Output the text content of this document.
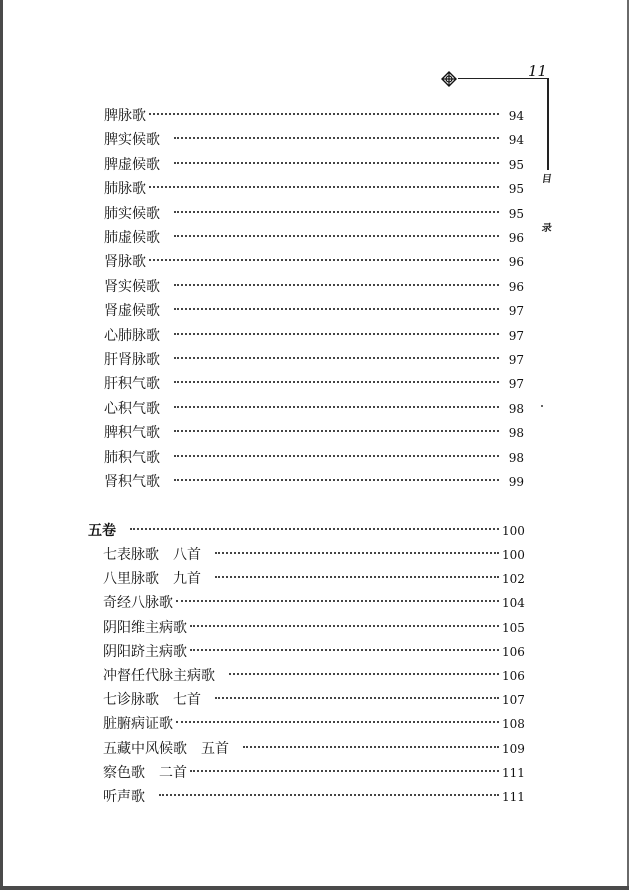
11
目
录
脾脉歌	94
脾实候歌	94
脾虚候歌	95
肺脉歌	95
肺实候歌	95
肺虚候歌	96
肾脉歌	96
肾实候歌	96
肾虚候歌	97
心肺脉歌	97
肝肾脉歌	97
肝积气歌	97
心积气歌	98
脾积气歌	98
肺积气歌	98
肾积气歌	99
五卷	100
七表脉歌　八首	100
八里脉歌　九首	102
奇经八脉歌	104
阴阳维主病歌	105
阴阳跻主病歌	106
冲督任代脉主病歌	106
七诊脉歌　七首	107
脏腑病证歌	108
五藏中风候歌　五首	109
察色歌　二首	111
听声歌	111
